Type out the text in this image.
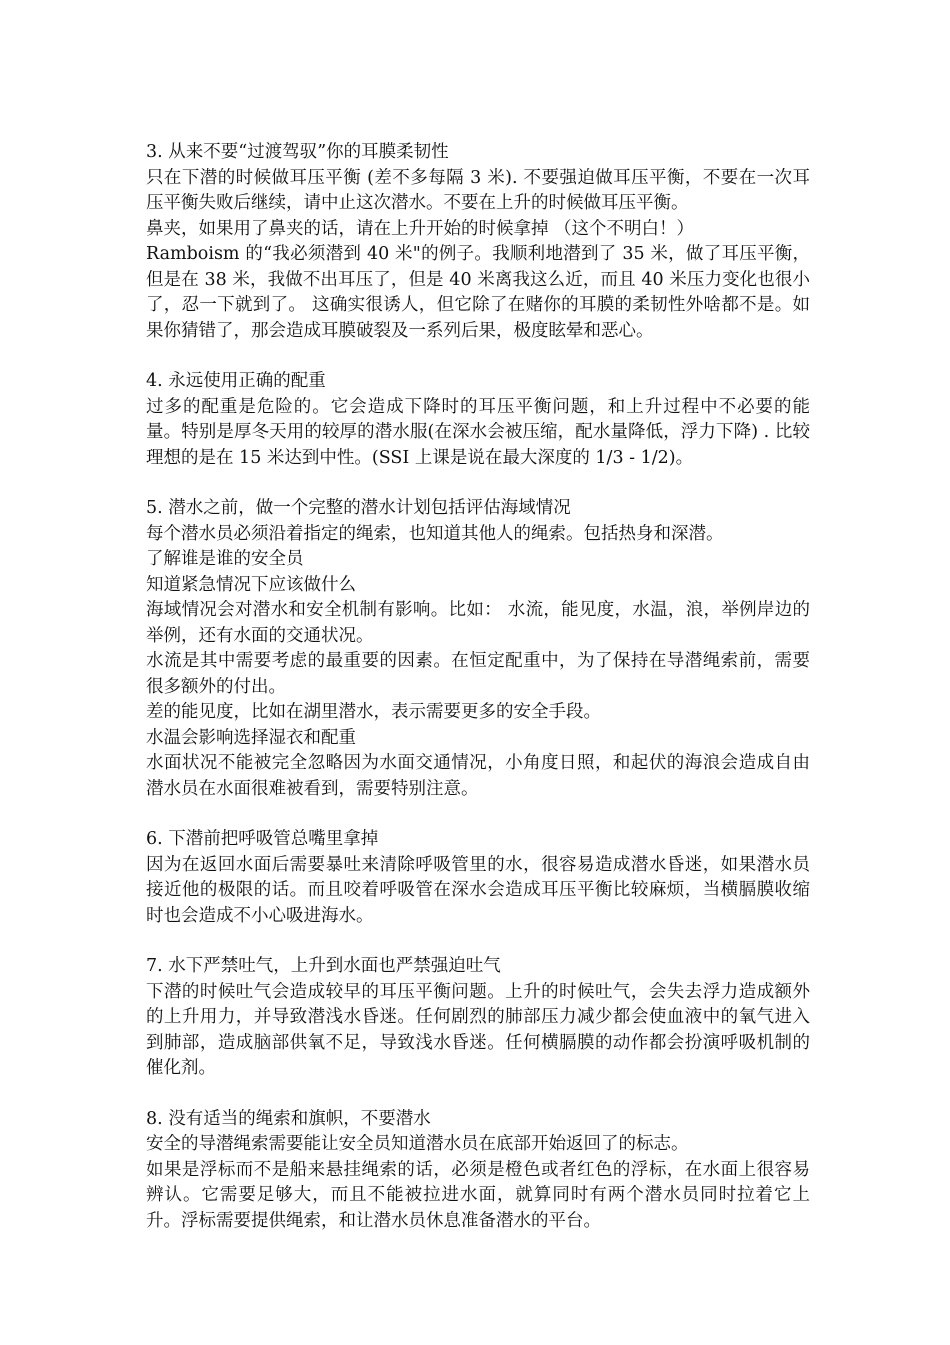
3. 从来不要“过渡驾驭”你的耳膜柔韧性

只在下潜的时候做耳压平衡 (差不多每隔 3 米). 不要强迫做耳压平衡，不要在一次耳压平衡失败后继续，请中止这次潜水。不要在上升的时候做耳压平衡。

鼻夹，如果用了鼻夹的话，请在上升开始的时候拿掉 （这个不明白！）

Ramboism 的“我必须潜到 40 米"的例子。我顺利地潜到了 35 米，做了耳压平衡，但是在 38 米，我做不出耳压了，但是 40 米离我这么近，而且 40 米压力变化也很小了，忍一下就到了。 这确实很诱人，但它除了在赌你的耳膜的柔韧性外啥都不是。如果你猜错了，那会造成耳膜破裂及一系列后果，极度眩晕和恶心。

4. 永远使用正确的配重

过多的配重是危险的。它会造成下降时的耳压平衡问题，和上升过程中不必要的能量。特别是厚冬天用的较厚的潜水服(在深水会被压缩，配水量降低，浮力下降) . 比较理想的是在 15 米达到中性。(SSI 上课是说在最大深度的 1/3 - 1/2)。

5. 潜水之前，做一个完整的潜水计划包括评估海域情况

每个潜水员必须沿着指定的绳索，也知道其他人的绳索。包括热身和深潜。

了解谁是谁的安全员

知道紧急情况下应该做什么

海域情况会对潜水和安全机制有影响。比如： 水流，能见度，水温，浪，举例岸边的举例，还有水面的交通状况。

水流是其中需要考虑的最重要的因素。在恒定配重中，为了保持在导潜绳索前，需要很多额外的付出。

差的能见度，比如在湖里潜水，表示需要更多的安全手段。

水温会影响选择湿衣和配重

水面状况不能被完全忽略因为水面交通情况，小角度日照，和起伏的海浪会造成自由潜水员在水面很难被看到，需要特别注意。

6. 下潜前把呼吸管总嘴里拿掉

因为在返回水面后需要暴吐来清除呼吸管里的水，很容易造成潜水昏迷，如果潜水员接近他的极限的话。而且咬着呼吸管在深水会造成耳压平衡比较麻烦，当横膈膜收缩时也会造成不小心吸进海水。

7. 水下严禁吐气，上升到水面也严禁强迫吐气

下潜的时候吐气会造成较早的耳压平衡问题。上升的时候吐气，会失去浮力造成额外的上升用力，并导致潜浅水昏迷。任何剧烈的肺部压力减少都会使血液中的氧气进入到肺部，造成脑部供氧不足，导致浅水昏迷。任何横膈膜的动作都会扮演呼吸机制的催化剂。

8. 没有适当的绳索和旗帜，不要潜水

安全的导潜绳索需要能让安全员知道潜水员在底部开始返回了的标志。

如果是浮标而不是船来悬挂绳索的话，必须是橙色或者红色的浮标，在水面上很容易辨认。它需要足够大，而且不能被拉进水面，就算同时有两个潜水员同时拉着它上升。浮标需要提供绳索，和让潜水员休息准备潜水的平台。
